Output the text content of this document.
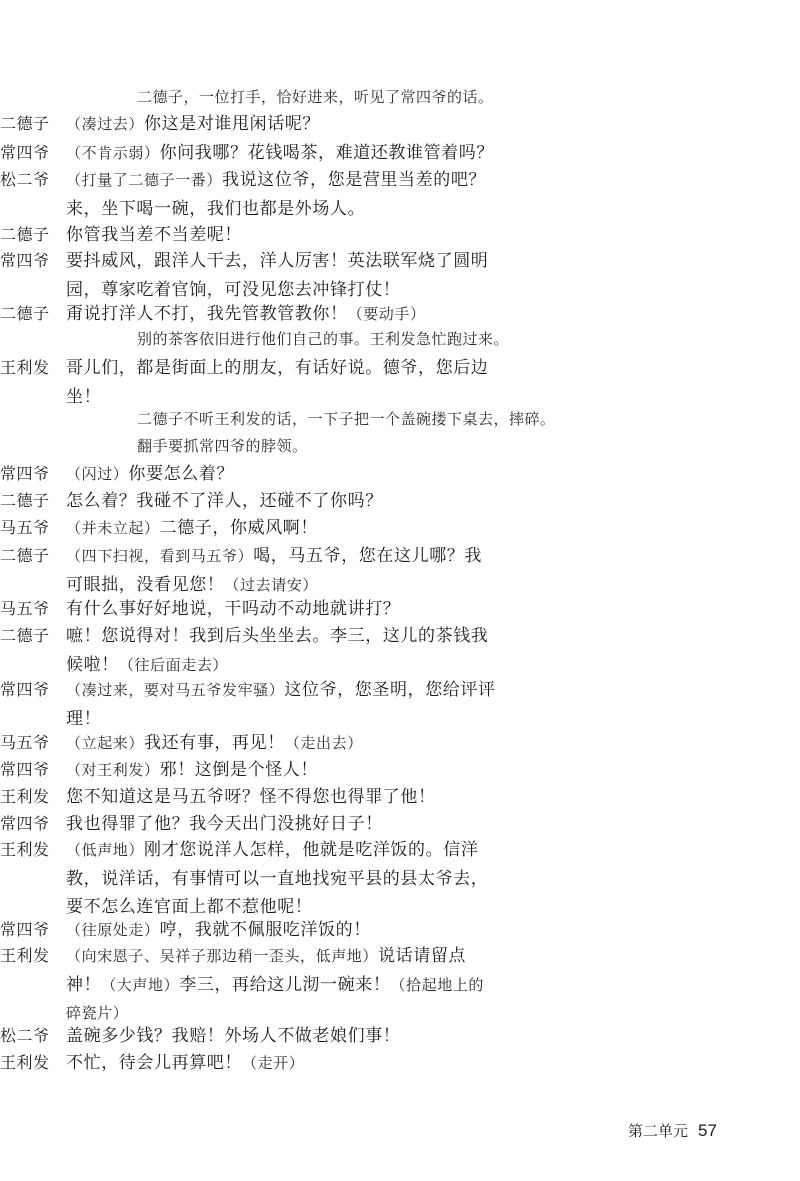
二德子，一位打手，恰好进来，听见了常四爷的话。
二德子	（凑过去）你这是对谁甩闲话呢？
常四爷	（不肯示弱）你问我哪？花钱喝茶，难道还教谁管着吗？
松二爷	（打量了二德子一番）我说这位爷，您是营里当差的吧？来，坐下喝一碗，我们也都是外场人。
二德子 你管我当差不当差呢！
常四爷 要抖威风，跟洋人干去，洋人厉害！英法联军烧了圆明园，尊家吃着官饷，可没见您去冲锋打仗！
二德子 甭说打洋人不打，我先管教管教你！（要动手）
别的茶客依旧进行他们自己的事。王利发急忙跑过来。
王利发 哥儿们，都是街面上的朋友，有话好说。德爷，您后边坐！
二德子不听王利发的话，一下子把一个盖碗搂下桌去，摔碎。翻手要抓常四爷的脖领。
常四爷	（闪过）你要怎么着？
二德子 怎么着？我碰不了洋人，还碰不了你吗？
马五爷	（并未立起）二德子，你威风啊！
二德子	（四下扫视，看到马五爷）喝，马五爷，您在这儿哪？我可眼拙，没看见您！（过去请安）
马五爷 有什么事好好地说，干吗动不动地就讲打？
二德子 嗻！您说得对！我到后头坐坐去。李三，这儿的茶钱我候啦！（往后面走去）
常四爷	（凑过来，要对马五爷发牢骚）这位爷，您圣明，您给评评理！
马五爷	（立起来）我还有事，再见！（走出去）
常四爷	（对王利发）邪！这倒是个怪人！
王利发 您不知道这是马五爷呀？怪不得您也得罪了他！
常四爷 我也得罪了他？我今天出门没挑好日子！
王利发	（低声地）刚才您说洋人怎样，他就是吃洋饭的。信洋教，说洋话，有事情可以一直地找宛平县的县太爷去，要不怎么连官面上都不惹他呢！
常四爷	（往原处走）哼，我就不佩服吃洋饭的！
王利发	（向宋恩子、吴祥子那边稍一歪头，低声地）说话请留点神！（大声地）李三，再给这儿沏一碗来！（拾起地上的碎瓷片）
松二爷 盖碗多少钱？我赔！外场人不做老娘们事！
王利发 不忙，待会儿再算吧！（走开）
第二单元 57
